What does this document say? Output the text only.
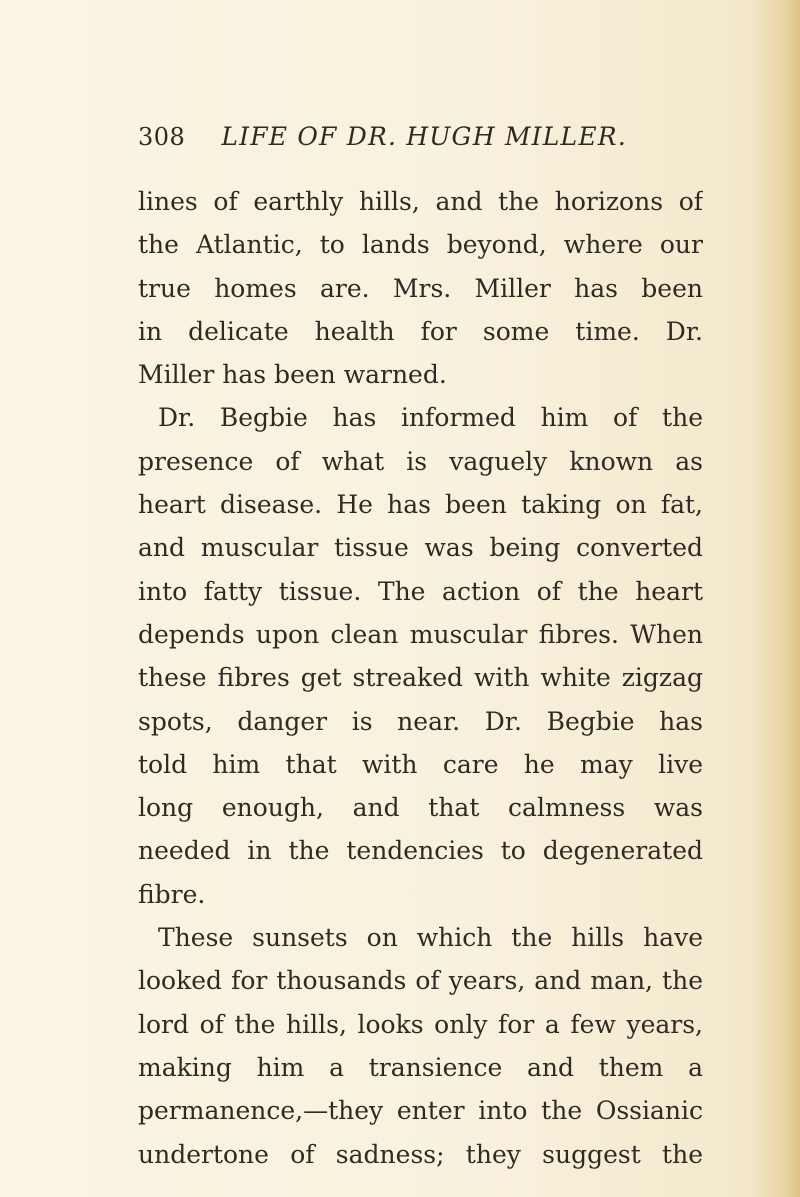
308 LIFE OF DR. HUGH MILLER.
lines of earthly hills, and the horizons of
the Atlantic, to lands beyond, where our
true homes are. Mrs. Miller has been
in delicate health for some time. Dr.
Miller has been warned.
Dr. Begbie has informed him of the
presence of what is vaguely known as
heart disease. He has been taking on fat,
and muscular tissue was being converted
into fatty tissue. The action of the heart
depends upon clean muscular fibres. When
these fibres get streaked with white zigzag
spots, danger is near. Dr. Begbie has
told him that with care he may live
long enough, and that calmness was
needed in the tendencies to degenerated
fibre.
These sunsets on which the hills have
looked for thousands of years, and man, the
lord of the hills, looks only for a few years,
making him a transience and them a
permanence,—they enter into the Ossianic
undertone of sadness; they suggest the
